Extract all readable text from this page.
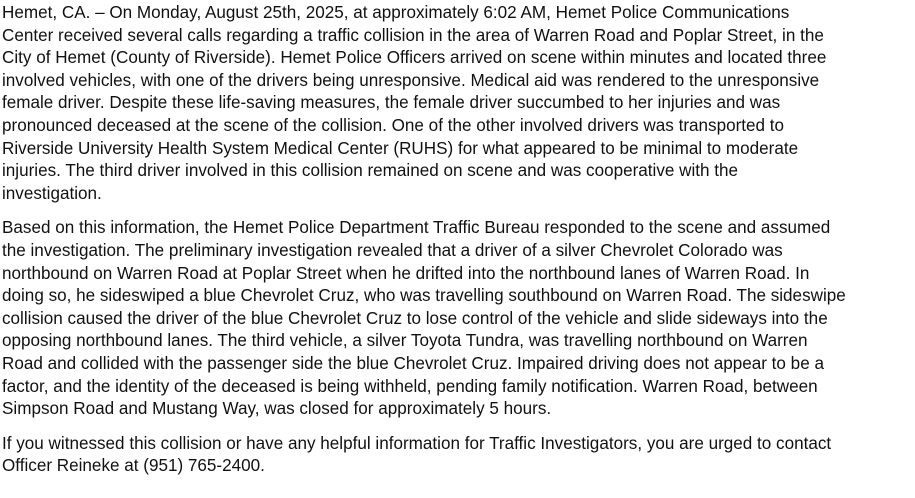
Hemet, CA. – On Monday, August 25th, 2025, at approximately 6:02 AM, Hemet Police Communications
Center received several calls regarding a traffic collision in the area of Warren Road and Poplar Street, in the
City of Hemet (County of Riverside). Hemet Police Officers arrived on scene within minutes and located three
involved vehicles, with one of the drivers being unresponsive. Medical aid was rendered to the unresponsive
female driver. Despite these life-saving measures, the female driver succumbed to her injuries and was
pronounced deceased at the scene of the collision. One of the other involved drivers was transported to
Riverside University Health System Medical Center (RUHS) for what appeared to be minimal to moderate
injuries. The third driver involved in this collision remained on scene and was cooperative with the
investigation.

Based on this information, the Hemet Police Department Traffic Bureau responded to the scene and assumed
the investigation. The preliminary investigation revealed that a driver of a silver Chevrolet Colorado was
northbound on Warren Road at Poplar Street when he drifted into the northbound lanes of Warren Road. In
doing so, he sideswiped a blue Chevrolet Cruz, who was travelling southbound on Warren Road. The sideswipe
collision caused the driver of the blue Chevrolet Cruz to lose control of the vehicle and slide sideways into the
opposing northbound lanes. The third vehicle, a silver Toyota Tundra, was travelling northbound on Warren
Road and collided with the passenger side the blue Chevrolet Cruz. Impaired driving does not appear to be a
factor, and the identity of the deceased is being withheld, pending family notification. Warren Road, between
Simpson Road and Mustang Way, was closed for approximately 5 hours.

If you witnessed this collision or have any helpful information for Traffic Investigators, you are urged to contact
Officer Reineke at (951) 765-2400.
